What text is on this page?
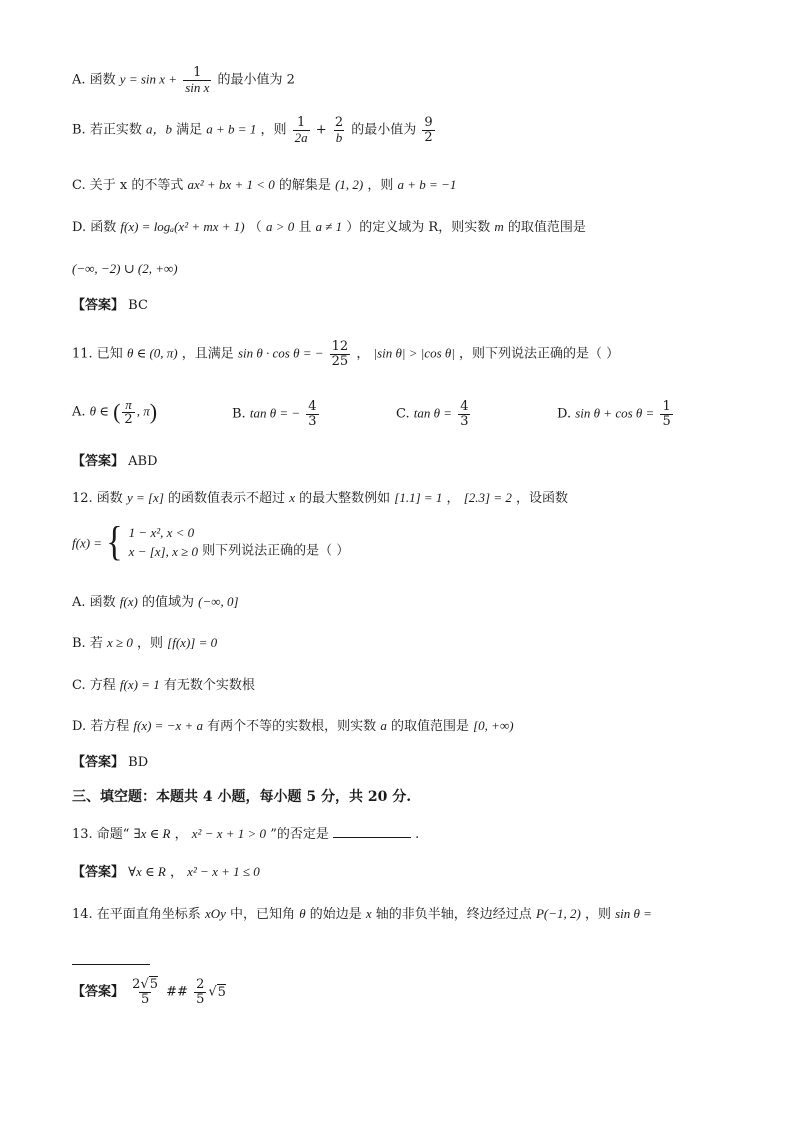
A. 函数 $y = \sin x + \frac{1}{\text{sin x}}$ 的最小值为 2
B. 若正实数 a，b 满足 a + b = 1 ，则 $\frac{1}{2a} + \frac{2}{b}$ 的最小值为 $\frac{9}{2}$
C. 关于 x 的不等式 ax² + bx + 1 < 0 的解集是 (1, 2) ，则 a + b = −1
D. 函数 f(x) = logₐ(x² + mx + 1) （ a > 0 且 a ≠ 1 ）的定义域为 R，则实数 m 的取值范围是
(−∞, −2) ∪ (2, +∞)
【答案】 BC
11. 已知 θ ∈ (0, π) ，且满足 sin θ · cos θ = − $\frac{12}{25}$ ， |sin θ| > |cos θ| ，则下列说法正确的是（ ）
A. θ ∈ ( $\frac{\pi}{2}$ , π)	B. tan θ = − $\frac{4}{3}$	C. $\tan \theta = \frac{4}{3}$	D. $\sin \theta + \cos \theta = \frac{1}{5}$
【答案】 ABD
12. 函数 y = [x] 的函数值表示不超过 x 的最大整数例如 [1.1] = 1 ， [2.3] = 2 ，设函数
f(x) = { 1 − x², x < 0
x − [x], x ≥ 0 则下列说法正确的是（ ）
A. 函数 f(x) 的值域为 (−∞, 0]
B. 若 x ≥ 0 ，则 [f(x)] = 0
C. 方程 f(x) = 1 有无数个实数根
D. 若方程 f(x) = −x + a 有两个不等的实数根，则实数 a 的取值范围是 [0, +∞)
【答案】 BD
三、填空题：本题共 4 小题，每小题 5 分，共 20 分.
13. 命题“ ∃x ∈ R ， x² − x + 1 > 0 ”的否定是	.
【答案】 ∀x ∈ R ， x² − x + 1 ≤ 0
14. 在平面直角坐标系 xOy 中，已知角 θ 的始边是 x 轴的非负半轴，终边经过点 P(−1, 2) ，则 sin θ =
【答案】 $\frac{2√5}{5}$ ## $\frac{2}{5} √5$
